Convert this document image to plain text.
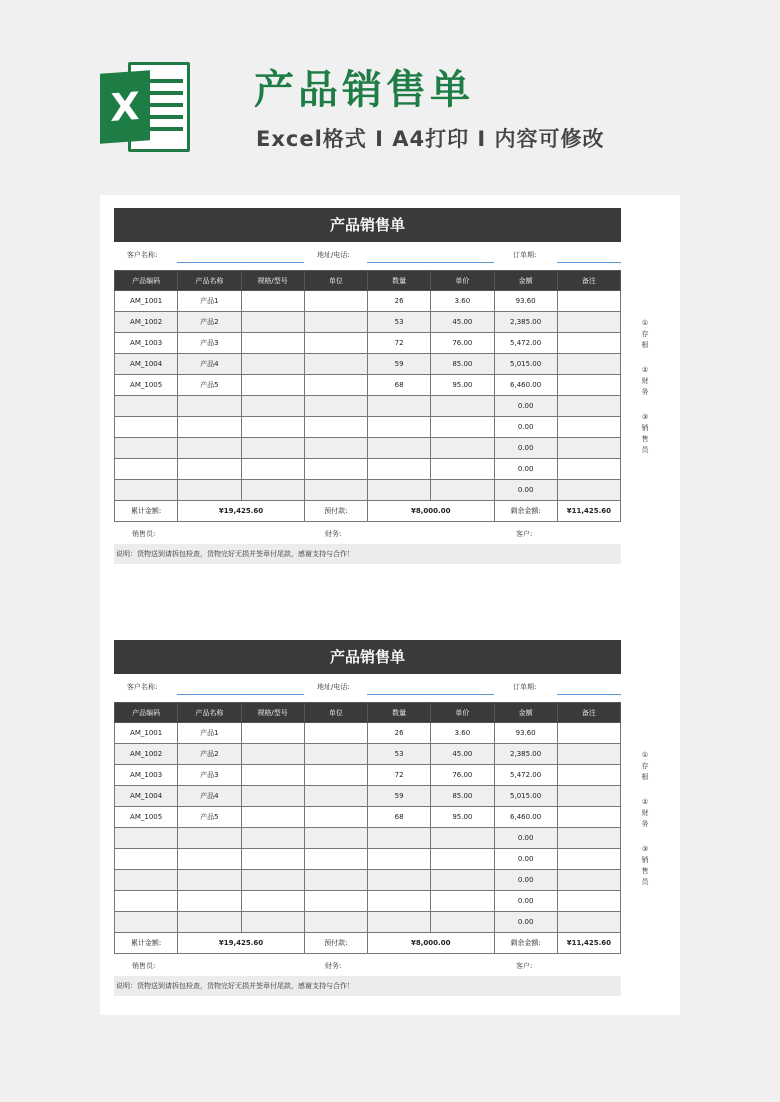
X	产品销售单
Excel格式 I A4打印 I 内容可修改
产品销售单
客户名称:	地址/电话:	订单期:
产品编码	产品名称	规格/型号	单位	数量	单价	金额	备注
AM_1001	产品1			26	3.60	93.60	
AM_1002	产品2			53	45.00	2,385.00	
AM_1003	产品3			72	76.00	5,472.00	
AM_1004	产品4			59	85.00	5,015.00	
AM_1005	产品5			68	95.00	6,460.00	
						0.00	
						0.00	
						0.00	
						0.00	
						0.00	
累计金额:	¥19,425.60		预付款:	¥8,000.00		剩余金额:	¥11,425.60
销售员:	财务:	客户:
说明：货物送到请拆包检查，货物完好无损并签章付尾款，感谢支持与合作！
产品销售单
客户名称:	地址/电话:	订单期:
产品编码	产品名称	规格/型号	单位	数量	单价	金额	备注
AM_1001	产品1			26	3.60	93.60	
AM_1002	产品2			53	45.00	2,385.00	
AM_1003	产品3			72	76.00	5,472.00	
AM_1004	产品4			59	85.00	5,015.00	
AM_1005	产品5			68	95.00	6,460.00	
						0.00	
						0.00	
						0.00	
						0.00	
						0.00	
累计金额:	¥19,425.60		预付款:	¥8,000.00		剩余金额:	¥11,425.60
销售员:	财务:	客户:
说明：货物送到请拆包检查，货物完好无损并签章付尾款，感谢支持与合作！
①
存
根
②
财
务
③
销
售
员
①
存
根
②
财
务
③
销
售
员
